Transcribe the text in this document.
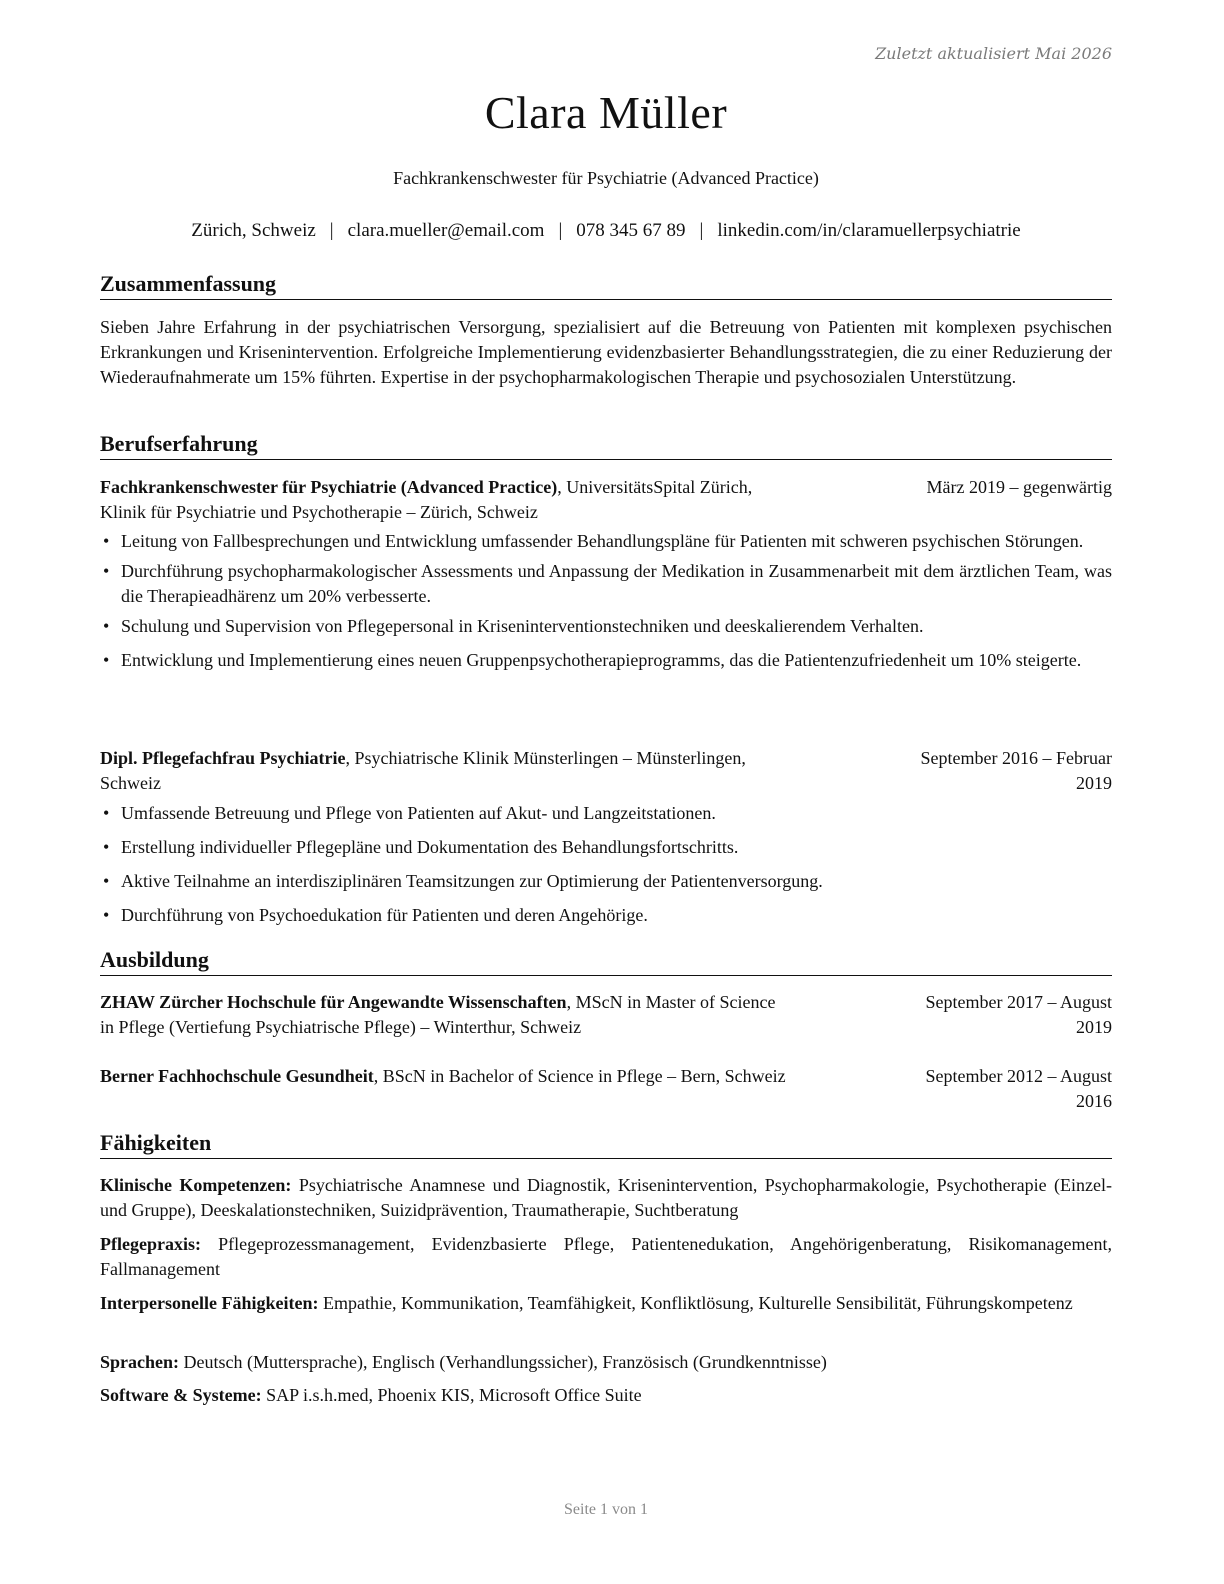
Zuletzt aktualisiert Mai 2026
Clara Müller
Fachkrankenschwester für Psychiatrie (Advanced Practice)
Zürich, Schweiz | clara.mueller@email.com | 078 345 67 89 | linkedin.com/in/claramuellerpsychiatrie
Zusammenfassung
Sieben Jahre Erfahrung in der psychiatrischen Versorgung, spezialisiert auf die Betreuung von Patienten mit komplexen psychischen Erkrankungen und Krisenintervention. Erfolgreiche Implementierung evidenzbasierter Behandlungsstrategien, die zu einer Reduzierung der Wiederaufnahmerate um 15% führten. Expertise in der psychopharmakologischen Therapie und psychosozialen Unterstützung.
Berufserfahrung
Fachkrankenschwester für Psychiatrie (Advanced Practice), UniversitätsSpital Zürich,	März 2019 – gegenwärtig
Klinik für Psychiatrie und Psychotherapie – Zürich, Schweiz
• Leitung von Fallbesprechungen und Entwicklung umfassender Behandlungspläne für Patienten mit schweren psychischen Störungen.
• Durchführung psychopharmakologischer Assessments und Anpassung der Medikation in Zusammenarbeit mit dem ärztlichen Team, was die Therapieadhärenz um 20% verbesserte.
• Schulung und Supervision von Pflegepersonal in Kriseninterventionstechniken und deeskalierendem Verhalten.
• Entwicklung und Implementierung eines neuen Gruppenpsychotherapieprogramms, das die Patientenzufriedenheit um 10% steigerte.
Dipl. Pflegefachfrau Psychiatrie, Psychiatrische Klinik Münsterlingen – Münsterlingen,	September 2016 – Februar
Schweiz	2019
• Umfassende Betreuung und Pflege von Patienten auf Akut- und Langzeitstationen.
• Erstellung individueller Pflegepläne und Dokumentation des Behandlungsfortschritts.
• Aktive Teilnahme an interdisziplinären Teamsitzungen zur Optimierung der Patientenversorgung.
• Durchführung von Psychoedukation für Patienten und deren Angehörige.
Ausbildung
ZHAW Zürcher Hochschule für Angewandte Wissenschaften, MScN in Master of Science	September 2017 – August
in Pflege (Vertiefung Psychiatrische Pflege) – Winterthur, Schweiz	2019
Berner Fachhochschule Gesundheit, BScN in Bachelor of Science in Pflege – Bern, Schweiz	September 2012 – August
2016
Fähigkeiten
Klinische Kompetenzen: Psychiatrische Anamnese und Diagnostik, Krisenintervention, Psychopharmakologie, Psychotherapie (Einzel- und Gruppe), Deeskalationstechniken, Suizidprävention, Traumatherapie, Suchtberatung
Pflegepraxis: Pflegeprozessmanagement, Evidenzbasierte Pflege, Patientenedukation, Angehörigenberatung, Risikomanagement, Fallmanagement
Interpersonelle Fähigkeiten: Empathie, Kommunikation, Teamfähigkeit, Konfliktlösung, Kulturelle Sensibilität, Führungskompetenz
Sprachen: Deutsch (Muttersprache), Englisch (Verhandlungssicher), Französisch (Grundkenntnisse)
Software & Systeme: SAP i.s.h.med, Phoenix KIS, Microsoft Office Suite
Seite 1 von 1
